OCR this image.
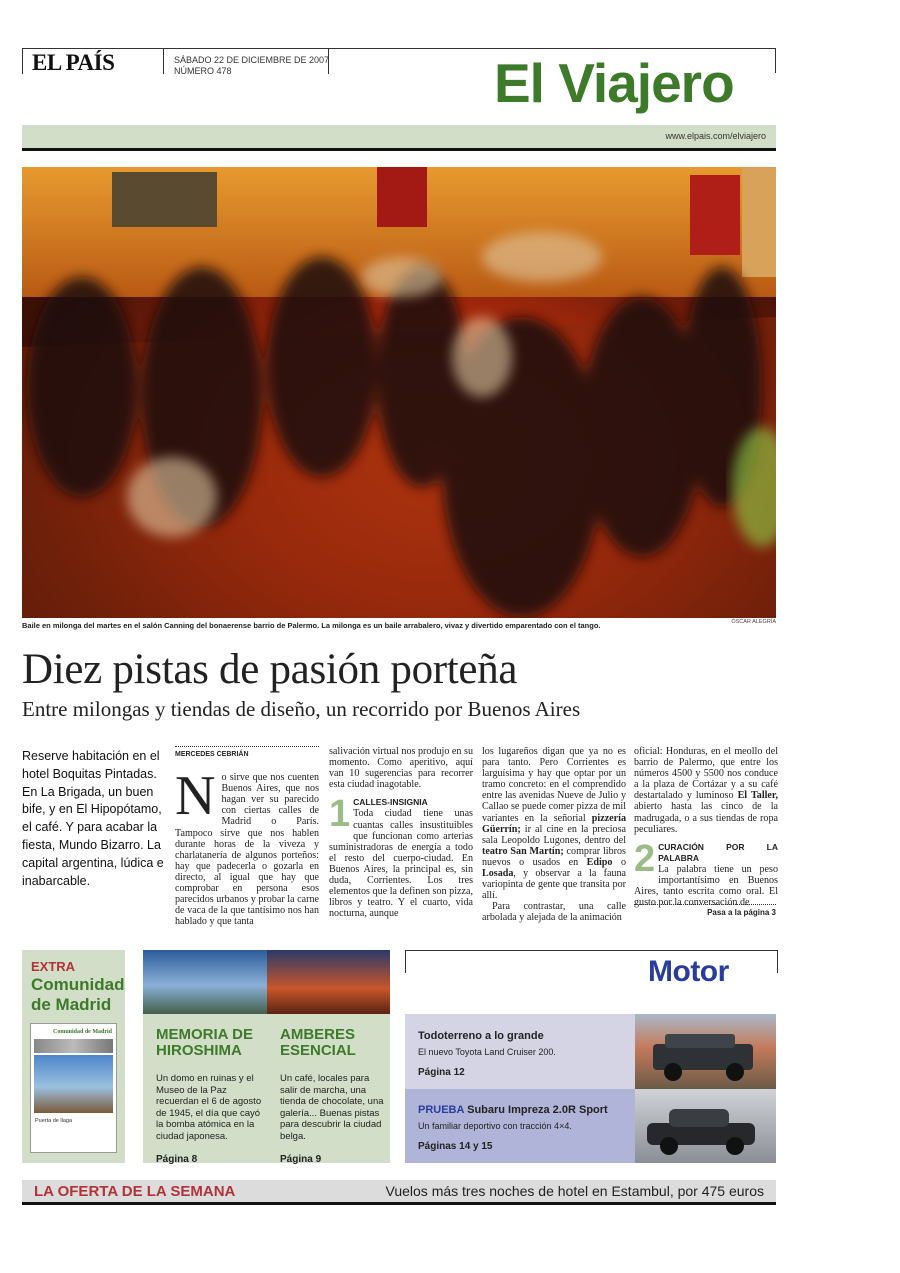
EL PAÍS	SÁBADO 22 DE DICIEMBRE DE 2007
NÚMERO 478	El Viajero
www.elpais.com/elviajero
Baile en milonga del martes en el salón Canning del bonaerense barrio de Palermo. La milonga es un baile arrabalero, vivaz y divertido emparentado con el tango.	ÓSCAR ALEGRÍA
Diez pistas de pasión porteña
Entre milongas y tiendas de diseño, un recorrido por Buenos Aires
Reserve habitación en el hotel Boquitas Pintadas. En La Brigada, un buen bife, y en El Hipopótamo, el café. Y para acabar la fiesta, Mundo Bizarro. La capital argentina, lúdica e inabarcable.
MERCEDES CEBRIÁN

No sirve que nos cuenten Buenos Aires, que nos hagan ver su parecido con ciertas calles de Madrid o París. Tampoco sirve que nos hablen durante horas de la viveza y charlatanería de algunos porteños: hay que padecerla o gozarla en directo, al igual que hay que comprobar en persona esos parecidos urbanos y probar la carne de vaca de la que tantísimo nos han hablado y que tanta

salivación virtual nos produjo en su momento. Como aperitivo, aquí van 10 sugerencias para recorrer esta ciudad inagotable.

1 CALLES-INSIGNIA
Toda ciudad tiene unas cuantas calles insustituibles que funcionan como arterias suministradoras de energía a todo el resto del cuerpo-ciudad. En Buenos Aires, la principal es, sin duda, Corrientes. Los tres elementos que la definen son pizza, libros y teatro. Y el cuarto, vida nocturna, aunque

los lugareños digan que ya no es para tanto. Pero Corrientes es larguísima y hay que optar por un tramo concreto: en el comprendido entre las avenidas Nueve de Julio y Callao se puede comer pizza de mil variantes en la señorial pizzería Güerrín; ir al cine en la preciosa sala Leopoldo Lugones, dentro del teatro San Martín; comprar libros nuevos o usados en Edipo o Losada, y observar a la fauna variopinta de gente que transita por allí.

Para contrastar, una calle arbolada y alejada de la animación

oficial: Honduras, en el meollo del barrio de Palermo, que entre los números 4500 y 5500 nos conduce a la plaza de Cortázar y a su café destartalado y luminoso El Taller, abierto hasta las cinco de la madrugada, o a sus tiendas de ropa peculiares.

2 CURACIÓN POR LA PALABRA
La palabra tiene un peso importantísimo en Buenos Aires, tanto escrita como oral. El gusto por la conversación de

Pasa a la página 3
EXTRA
Comunidad de Madrid
Comunidad de Madrid
Puerta de llaga
MEMORIA DE HIROSHIMA
Un domo en ruinas y el Museo de la Paz recuerdan el 6 de agosto de 1945, el día que cayó la bomba atómica en la ciudad japonesa.
Página 8
AMBERES ESENCIAL
Un café, locales para salir de marcha, una tienda de chocolate, una galería... Buenas pistas para descubrir la ciudad belga.
Página 9
Motor
Todoterreno a lo grande
El nuevo Toyota Land Cruiser 200.
Página 12
PRUEBA Subaru Impreza 2.0R Sport
Un familiar deportivo con tracción 4×4.
Páginas 14 y 15
LA OFERTA DE LA SEMANA	Vuelos más tres noches de hotel en Estambul, por 475 euros
